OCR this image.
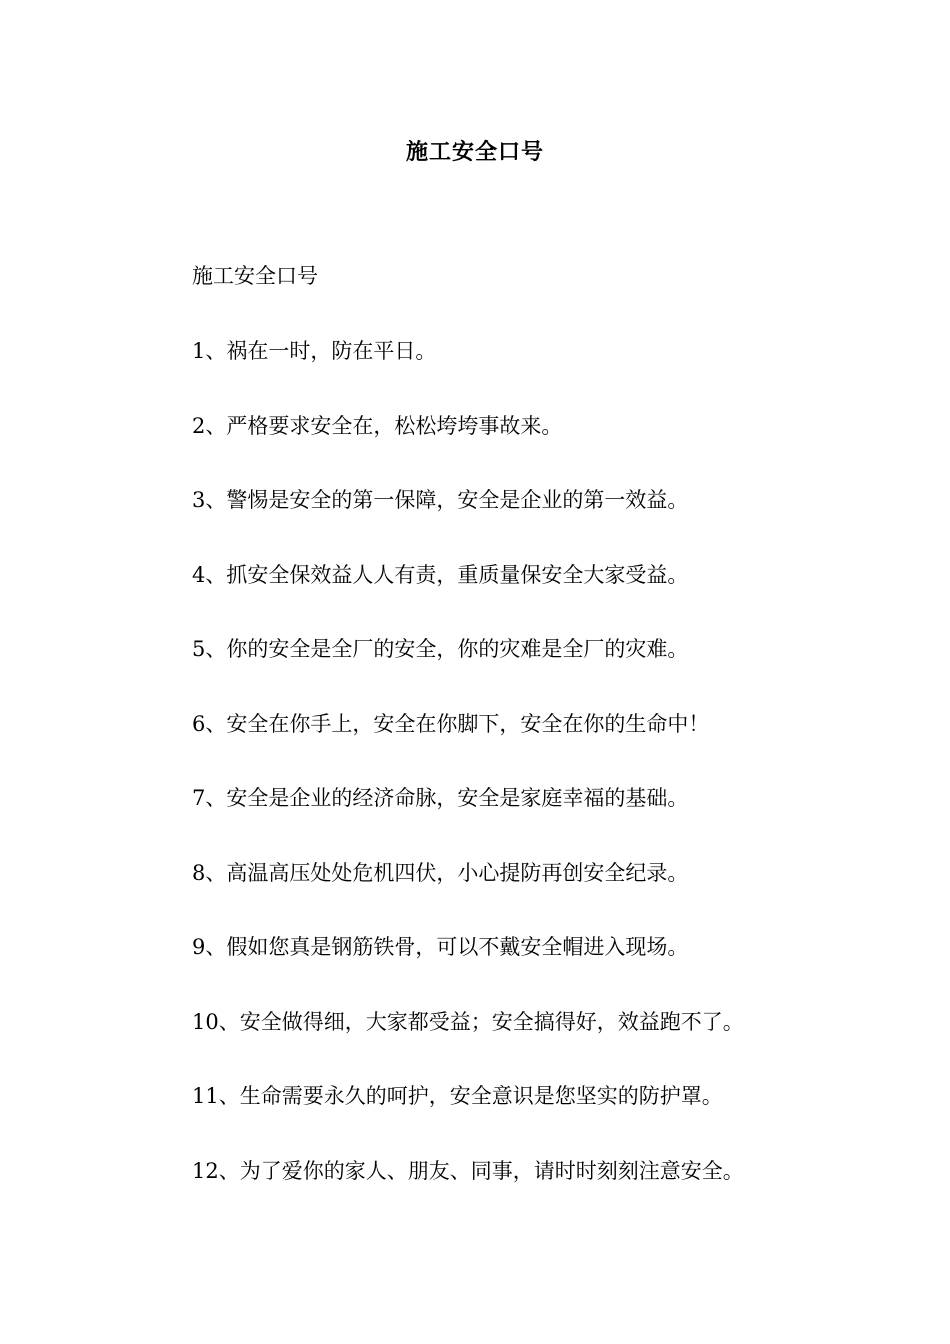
施工安全口号
施工安全口号
1、祸在一时，防在平日。
2、严格要求安全在，松松垮垮事故来。
3、警惕是安全的第一保障，安全是企业的第一效益。
4、抓安全保效益人人有责，重质量保安全大家受益。
5、你的安全是全厂的安全，你的灾难是全厂的灾难。
6、安全在你手上，安全在你脚下，安全在你的生命中！
7、安全是企业的经济命脉，安全是家庭幸福的基础。
8、高温高压处处危机四伏，小心提防再创安全纪录。
9、假如您真是钢筋铁骨，可以不戴安全帽进入现场。
10、安全做得细，大家都受益；安全搞得好，效益跑不了。
11、生命需要永久的呵护，安全意识是您坚实的防护罩。
12、为了爱你的家人、朋友、同事，请时时刻刻注意安全。
